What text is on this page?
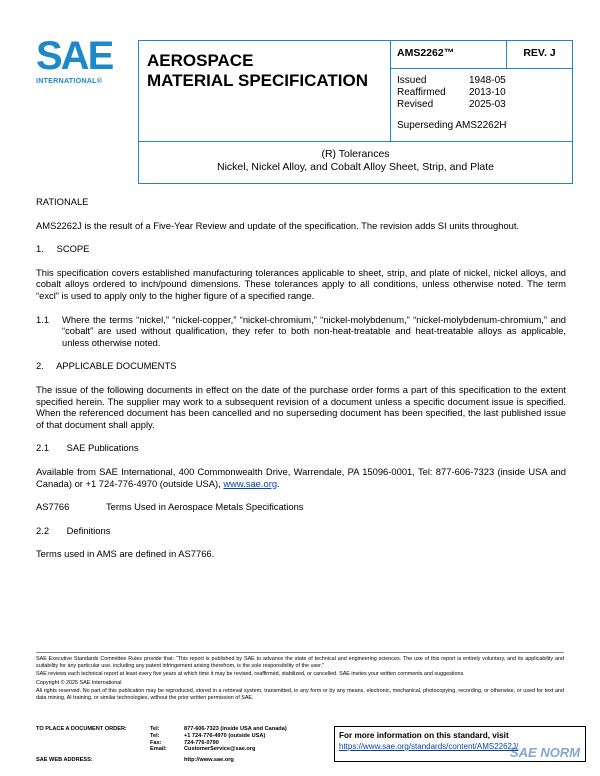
SAE
INTERNATIONAL®
AEROSPACE
MATERIAL SPECIFICATION
AMS2262™	REV. J
Issued	1948-05
Reaffirmed	2013-10
Revised	2025-03
Superseding AMS2262H
(R) Tolerances
Nickel, Nickel Alloy, and Cobalt Alloy Sheet, Strip, and Plate
RATIONALE
AMS2262J is the result of a Five-Year Review and update of the specification. The revision adds SI units throughout.
1. SCOPE
This specification covers established manufacturing tolerances applicable to sheet, strip, and plate of nickel, nickel alloys, and cobalt alloys ordered to inch/pound dimensions. These tolerances apply to all conditions, unless otherwise noted. The term “excl” is used to apply only to the higher figure of a specified range.
1.1	Where the terms “nickel,” “nickel-copper,” “nickel-chromium,” “nickel-molybdenum,” “nickel-molybdenum-chromium,” and “cobalt” are used without qualification, they refer to both non-heat-treatable and heat-treatable alloys as applicable, unless otherwise noted.
2. APPLICABLE DOCUMENTS
The issue of the following documents in effect on the date of the purchase order forms a part of this specification to the extent specified herein. The supplier may work to a subsequent revision of a document unless a specific document issue is specified. When the referenced document has been cancelled and no superseding document has been specified, the last published issue of that document shall apply.
2.1 SAE Publications
Available from SAE International, 400 Commonwealth Drive, Warrendale, PA 15096-0001, Tel: 877-606-7323 (inside USA and Canada) or +1 724-776-4970 (outside USA), www.sae.org.
AS7766	Terms Used in Aerospace Metals Specifications
2.2 Definitions
Terms used in AMS are defined in AS7766.

SAE Executive Standards Committee Rules provide that: “This report is published by SAE to advance the state of technical and engineering sciences. The use of this report is entirely voluntary, and its applicability and suitability for any particular use, including any patent infringement arising therefrom, is the sole responsibility of the user.”

SAE reviews each technical report at least every five years at which time it may be revised, reaffirmed, stabilized, or cancelled. SAE invites your written comments and suggestions.

Copyright © 2025 SAE International

All rights reserved. No part of this publication may be reproduced, stored in a retrieval system, transmitted, in any form or by any means, electronic, mechanical, photocopying, recording, or otherwise, or used for text and data mining, AI training, or similar technologies, without the prior written permission of SAE.

TO PLACE A DOCUMENT ORDER:	Tel:	877-606-7323 (inside USA and Canada)
Tel:	+1 724-776-4970 (outside USA)
Fax:	724-776-0790
Email:	CustomerService@sae.org
SAE WEB ADDRESS:	http://www.sae.org
For more information on this standard, visit
https://www.sae.org/standards/content/AMS2262J/
SAE NORM
